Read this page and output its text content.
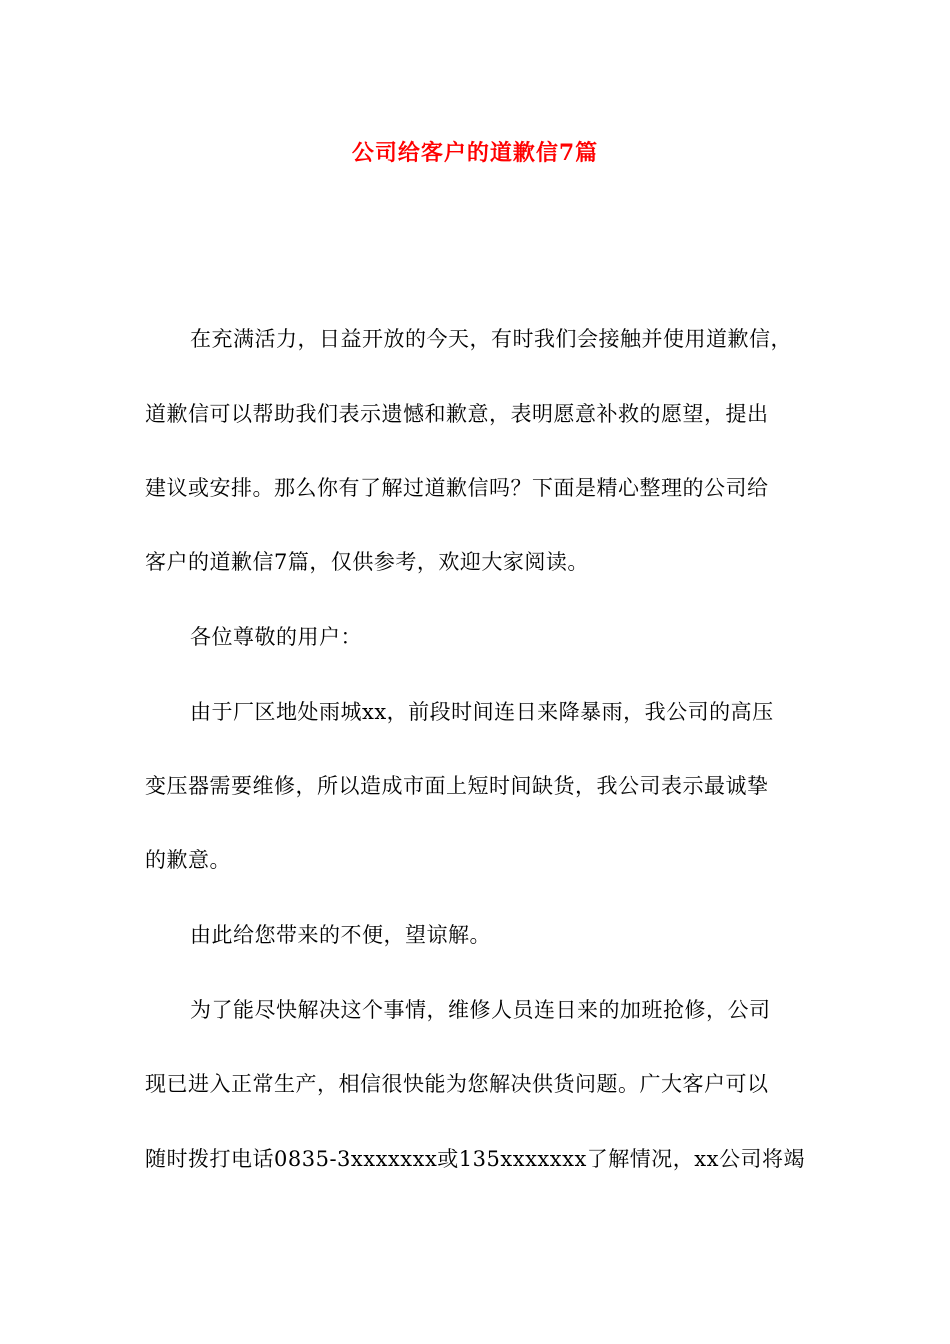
公司给客户的道歉信7篇
在充满活力，日益开放的今天，有时我们会接触并使用道歉信，
道歉信可以帮助我们表示遗憾和歉意，表明愿意补救的愿望，提出
建议或安排。那么你有了解过道歉信吗？下面是精心整理的公司给
客户的道歉信7篇，仅供参考，欢迎大家阅读。
各位尊敬的用户：
由于厂区地处雨城xx，前段时间连日来降暴雨，我公司的高压
变压器需要维修，所以造成市面上短时间缺货，我公司表示最诚挚
的歉意。
由此给您带来的不便，望谅解。
为了能尽快解决这个事情，维修人员连日来的加班抢修，公司
现已进入正常生产，相信很快能为您解决供货问题。广大客户可以
随时拨打电话0835-3xxxxxxx或135xxxxxxx了解情况，xx公司将竭
